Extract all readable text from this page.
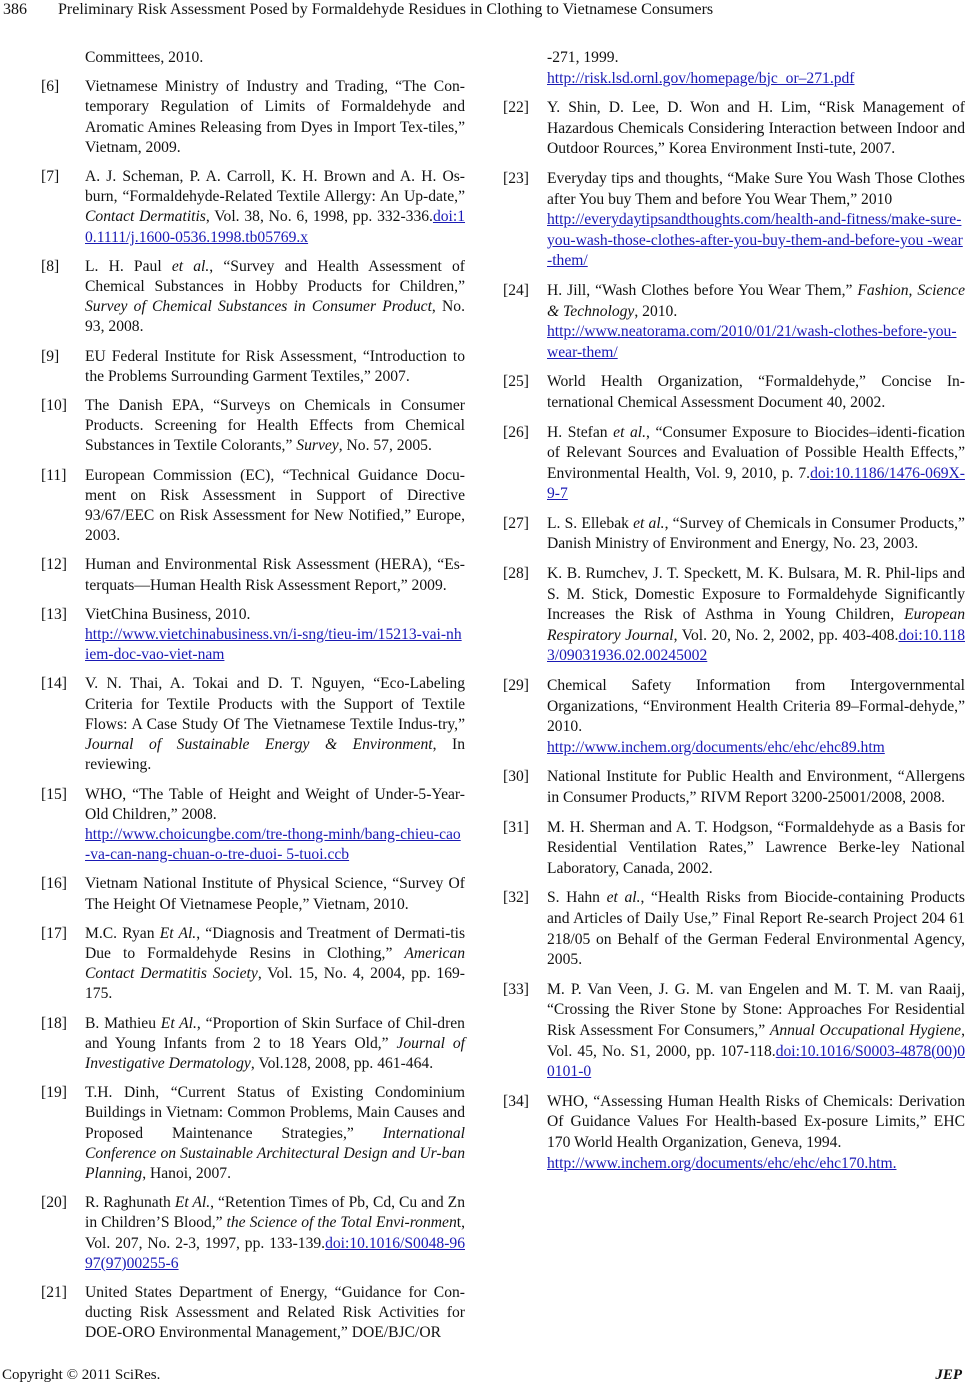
386 Preliminary Risk Assessment Posed by Formaldehyde Residues in Clothing to Vietnamese Consumers
Committees, 2010.
[6] Vietnamese Ministry of Industry and Trading, “The Con-temporary Regulation of Limits of Formaldehyde and Aromatic Amines Releasing from Dyes in Import Tex-tiles,” Vietnam, 2009.
[7] A. J. Scheman, P. A. Carroll, K. H. Brown and A. H. Os-burn, “Formaldehyde-Related Textile Allergy: An Up-date,” Contact Dermatitis, Vol. 38, No. 6, 1998, pp. 332-336.doi:10.1111/j.1600-0536.1998.tb05769.x
[8] L. H. Paul et al., “Survey and Health Assessment of Chemical Substances in Hobby Products for Children,” Survey of Chemical Substances in Consumer Product, No. 93, 2008.
[9] EU Federal Institute for Risk Assessment, “Introduction to the Problems Surrounding Garment Textiles,” 2007.
[10] The Danish EPA, “Surveys on Chemicals in Consumer Products. Screening for Health Effects from Chemical Substances in Textile Colorants,” Survey, No. 57, 2005.
[11] European Commission (EC), “Technical Guidance Docu-ment on Risk Assessment in Support of Directive 93/67/EEC on Risk Assessment for New Notified,” Europe, 2003.
[12] Human and Environmental Risk Assessment (HERA), “Es-terquats—Human Health Risk Assessment Report,” 2009.
[13] VietChina Business, 2010.
http://www.vietchinabusiness.vn/i-sng/tieu-im/15213-vai-nhiem-doc-vao-viet-nam
[14] V. N. Thai, A. Tokai and D. T. Nguyen, “Eco-Labeling Criteria for Textile Products with the Support of Textile Flows: A Case Study Of The Vietnamese Textile Indus-try,” Journal of Sustainable Energy & Environment, In reviewing.
[15] WHO, “The Table of Height and Weight of Under-5-Year-Old Children,” 2008.
http://www.choicungbe.com/tre-thong-minh/bang-chieu-cao-va-can-nang-chuan-o-tre-duoi- 5-tuoi.ccb
[16] Vietnam National Institute of Physical Science, “Survey Of The Height Of Vietnamese People,” Vietnam, 2010.
[17] M.C. Ryan Et Al., “Diagnosis and Treatment of Dermati-tis Due to Formaldehyde Resins in Clothing,” American Contact Dermatitis Society, Vol. 15, No. 4, 2004, pp. 169-175.
[18] B. Mathieu Et Al., “Proportion of Skin Surface of Chil-dren and Young Infants from 2 to 18 Years Old,” Journal of Investigative Dermatology, Vol.128, 2008, pp. 461-464.
[19] T.H. Dinh, “Current Status of Existing Condominium Buildings in Vietnam: Common Problems, Main Causes and Proposed Maintenance Strategies,” International Conference on Sustainable Architectural Design and Ur-ban Planning, Hanoi, 2007.
[20] R. Raghunath Et Al., “Retention Times of Pb, Cd, Cu and Zn in Children’S Blood,” the Science of the Total Envi-ronment, Vol. 207, No. 2-3, 1997, pp. 133-139.doi:10.1016/S0048-9697(97)00255-6
[21] United States Department of Energy, “Guidance for Con-ducting Risk Assessment and Related Risk Activities for DOE-ORO Environmental Management,” DOE/BJC/OR
-271, 1999.
http://risk.lsd.ornl.gov/homepage/bjc_or–271.pdf
[22] Y. Shin, D. Lee, D. Won and H. Lim, “Risk Management of Hazardous Chemicals Considering Interaction between Indoor and Outdoor Rources,” Korea Environment Insti-tute, 2007.
[23] Everyday tips and thoughts, “Make Sure You Wash Those Clothes after You buy Them and before You Wear Them,” 2010
http://everydaytipsandthoughts.com/health-and-fitness/make-sure-you-wash-those-clothes-after-you-buy-them-and-before-you -wear-them/
[24] H. Jill, “Wash Clothes before You Wear Them,” Fashion, Science & Technology, 2010.
http://www.neatorama.com/2010/01/21/wash-clothes-before-you-wear-them/
[25] World Health Organization, “Formaldehyde,” Concise In-ternational Chemical Assessment Document 40, 2002.
[26] H. Stefan et al., “Consumer Exposure to Biocides–identi-fication of Relevant Sources and Evaluation of Possible Health Effects,” Environmental Health, Vol. 9, 2010, p. 7.doi:10.1186/1476-069X-9-7
[27] L. S. Ellebak et al., “Survey of Chemicals in Consumer Products,” Danish Ministry of Environment and Energy, No. 23, 2003.
[28] K. B. Rumchev, J. T. Speckett, M. K. Bulsara, M. R. Phil-lips and S. M. Stick, Domestic Exposure to Formaldehyde Significantly Increases the Risk of Asthma in Young Children, European Respiratory Journal, Vol. 20, No. 2, 2002, pp. 403-408.doi:10.1183/09031936.02.00245002
[29] Chemical Safety Information from Intergovernmental Organizations, “Environment Health Criteria 89–Formal-dehyde,” 2010.
http://www.inchem.org/documents/ehc/ehc/ehc89.htm
[30] National Institute for Public Health and Environment, “Allergens in Consumer Products,” RIVM Report 3200-25001/2008, 2008.
[31] M. H. Sherman and A. T. Hodgson, “Formaldehyde as a Basis for Residential Ventilation Rates,” Lawrence Berke-ley National Laboratory, Canada, 2002.
[32] S. Hahn et al., “Health Risks from Biocide-containing Products and Articles of Daily Use,” Final Report Re-search Project 204 61 218/05 on Behalf of the German Federal Environmental Agency, 2005.
[33] M. P. Van Veen, J. G. M. van Engelen and M. T. M. van Raaij, “Crossing the River Stone by Stone: Approaches For Residential Risk Assessment For Consumers,” Annual Occupational Hygiene, Vol. 45, No. S1, 2000, pp. 107-118.doi:10.1016/S0003-4878(00)00101-0
[34] WHO, “Assessing Human Health Risks of Chemicals: Derivation Of Guidance Values For Health-based Ex-posure Limits,” EHC 170 World Health Organization, Geneva, 1994.
http://www.inchem.org/documents/ehc/ehc/ehc170.htm.
Copyright © 2011 SciRes.	JEP
